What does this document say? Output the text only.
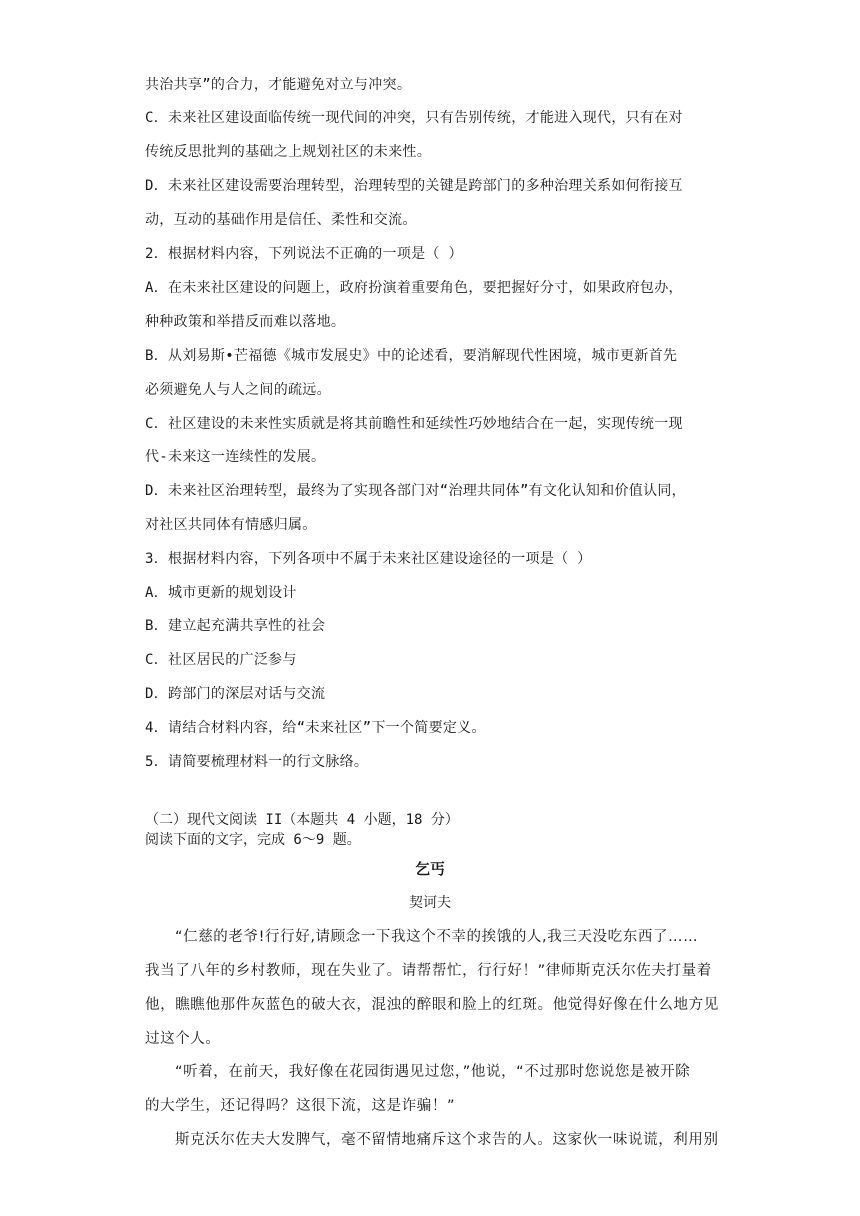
共治共享”的合力，才能避免对立与冲突。
C．未来社区建设面临传统一现代间的冲突，只有告别传统，才能进入现代，只有在对
传统反思批判的基础之上规划社区的未来性。
D．未来社区建设需要治理转型，治理转型的关键是跨部门的多种治理关系如何衔接互
动，互动的基础作用是信任、柔性和交流。
2．根据材料内容，下列说法不正确的一项是（ ）
A．在未来社区建设的问题上，政府扮演着重要角色，要把握好分寸，如果政府包办，
种种政策和举措反而难以落地。
B．从刘易斯•芒福德《城市发展史》中的论述看，要消解现代性困境，城市更新首先
必须避免人与人之间的疏远。
C．社区建设的未来性实质就是将其前瞻性和延续性巧妙地结合在一起，实现传统一现
代-未来这一连续性的发展。
D．未来社区治理转型，最终为了实现各部门对“治理共同体”有文化认知和价值认同，
对社区共同体有情感归属。
3．根据材料内容，下列各项中不属于未来社区建设途径的一项是（ ）
A．城市更新的规划设计
B．建立起充满共享性的社会
C．社区居民的广泛参与
D．跨部门的深层对话与交流
4．请结合材料内容，给“未来社区”下一个简要定义。
5．请简要梳理材料一的行文脉络。
（二）现代文阅读 II（本题共 4 小题，18 分）
阅读下面的文字，完成 6～9 题。
乞丐
契诃夫
“仁慈的老爷!行行好,请顾念一下我这个不幸的挨饿的人,我三天没吃东西了……
我当了八年的乡村教师，现在失业了。请帮帮忙，行行好！”律师斯克沃尔佐夫打量着
他，瞧瞧他那件灰蓝色的破大衣，混浊的醉眼和脸上的红斑。他觉得好像在什么地方见
过这个人。
“听着，在前天，我好像在花园街遇见过您，”他说，“不过那时您说您是被开除
的大学生，还记得吗？这很下流，这是诈骗！”
斯克沃尔佐夫大发脾气，毫不留情地痛斥这个求告的人。这家伙一味说谎，利用别
